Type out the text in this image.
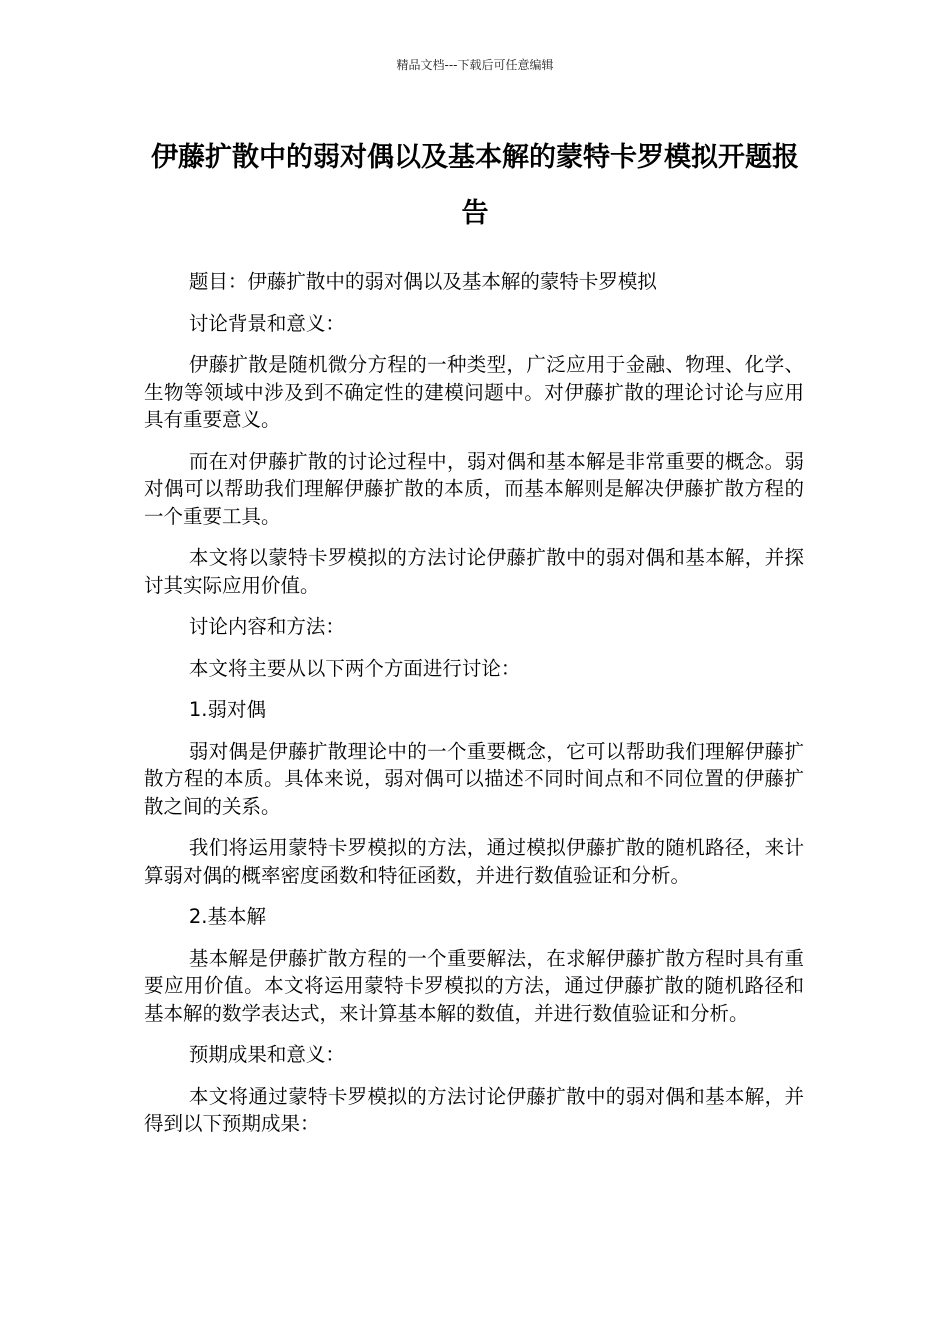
精品文档---下载后可任意编辑
伊藤扩散中的弱对偶以及基本解的蒙特卡罗模拟开题报告

题目：伊藤扩散中的弱对偶以及基本解的蒙特卡罗模拟

讨论背景和意义：

伊藤扩散是随机微分方程的一种类型，广泛应用于金融、物理、化学、生物等领域中涉及到不确定性的建模问题中。对伊藤扩散的理论讨论与应用具有重要意义。

而在对伊藤扩散的讨论过程中，弱对偶和基本解是非常重要的概念。弱对偶可以帮助我们理解伊藤扩散的本质，而基本解则是解决伊藤扩散方程的一个重要工具。

本文将以蒙特卡罗模拟的方法讨论伊藤扩散中的弱对偶和基本解，并探讨其实际应用价值。

讨论内容和方法：

本文将主要从以下两个方面进行讨论：

1.弱对偶

弱对偶是伊藤扩散理论中的一个重要概念，它可以帮助我们理解伊藤扩散方程的本质。具体来说，弱对偶可以描述不同时间点和不同位置的伊藤扩散之间的关系。

我们将运用蒙特卡罗模拟的方法，通过模拟伊藤扩散的随机路径，来计算弱对偶的概率密度函数和特征函数，并进行数值验证和分析。

2.基本解

基本解是伊藤扩散方程的一个重要解法，在求解伊藤扩散方程时具有重要应用价值。本文将运用蒙特卡罗模拟的方法，通过伊藤扩散的随机路径和基本解的数学表达式，来计算基本解的数值，并进行数值验证和分析。

预期成果和意义：

本文将通过蒙特卡罗模拟的方法讨论伊藤扩散中的弱对偶和基本解，并得到以下预期成果：
